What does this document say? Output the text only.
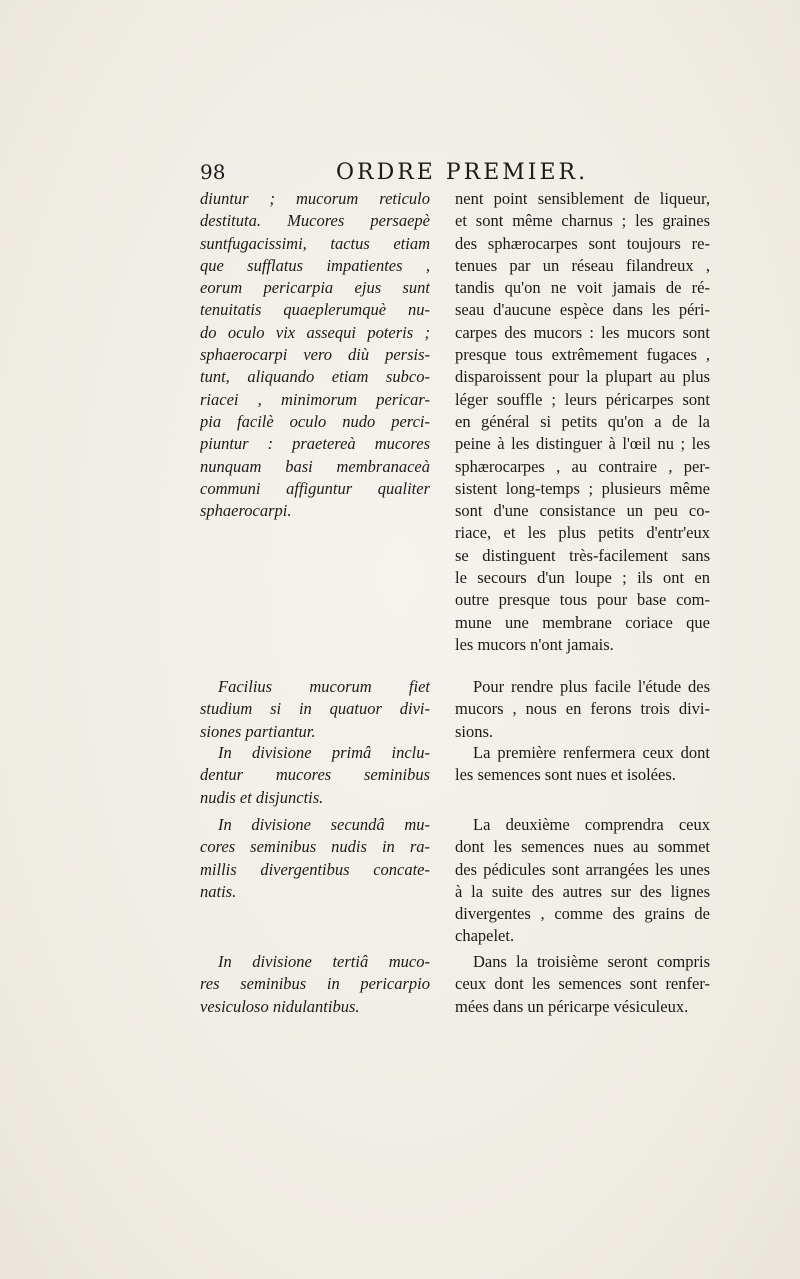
98	ORDRE PREMIER.
diuntur ; mucorum reticulo
destituta. Mucores persaepè
suntfugacissimi, tactus etiam
que sufflatus impatientes ,
eorum pericarpia ejus sunt
tenuitatis quaeplerumquè nu-
do oculo vix assequi poteris ;
sphaerocarpi vero diù persis-
tunt, aliquando etiam subco-
riacei , minimorum pericar-
pia facilè oculo nudo perci-
piuntur : praetereà mucores
nunquam basi membranaceà
communi affiguntur qualiter
sphaerocarpi.
Facilius mucorum fiet
studium si in quatuor divi-
siones partiantur.
In divisione primâ inclu-
dentur mucores seminibus
nudis et disjunctis.
In divisione secundâ mu-
cores seminibus nudis in ra-
millis divergentibus concate-
natis.
In divisione tertiâ muco-
res seminibus in pericarpio
vesiculoso nidulantibus.
nent point sensiblement de liqueur,
et sont même charnus ; les graines
des sphærocarpes sont toujours re-
tenues par un réseau filandreux ,
tandis qu'on ne voit jamais de ré-
seau d'aucune espèce dans les péri-
carpes des mucors : les mucors sont
presque tous extrêmement fugaces ,
disparoissent pour la plupart au plus
léger souffle ; leurs péricarpes sont
en général si petits qu'on a de la
peine à les distinguer à l'œil nu ; les
sphærocarpes , au contraire , per-
sistent long-temps ; plusieurs même
sont d'une consistance un peu co-
riace, et les plus petits d'entr'eux
se distinguent très-facilement sans
le secours d'un loupe ; ils ont en
outre presque tous pour base com-
mune une membrane coriace que
les mucors n'ont jamais.
Pour rendre plus facile l'étude des
mucors , nous en ferons trois divi-
sions.
La première renfermera ceux dont
les semences sont nues et isolées.
La deuxième comprendra ceux
dont les semences nues au sommet
des pédicules sont arrangées les unes
à la suite des autres sur des lignes
divergentes , comme des grains de
chapelet.
Dans la troisième seront compris
ceux dont les semences sont renfer-
mées dans un péricarpe vésiculeux.
